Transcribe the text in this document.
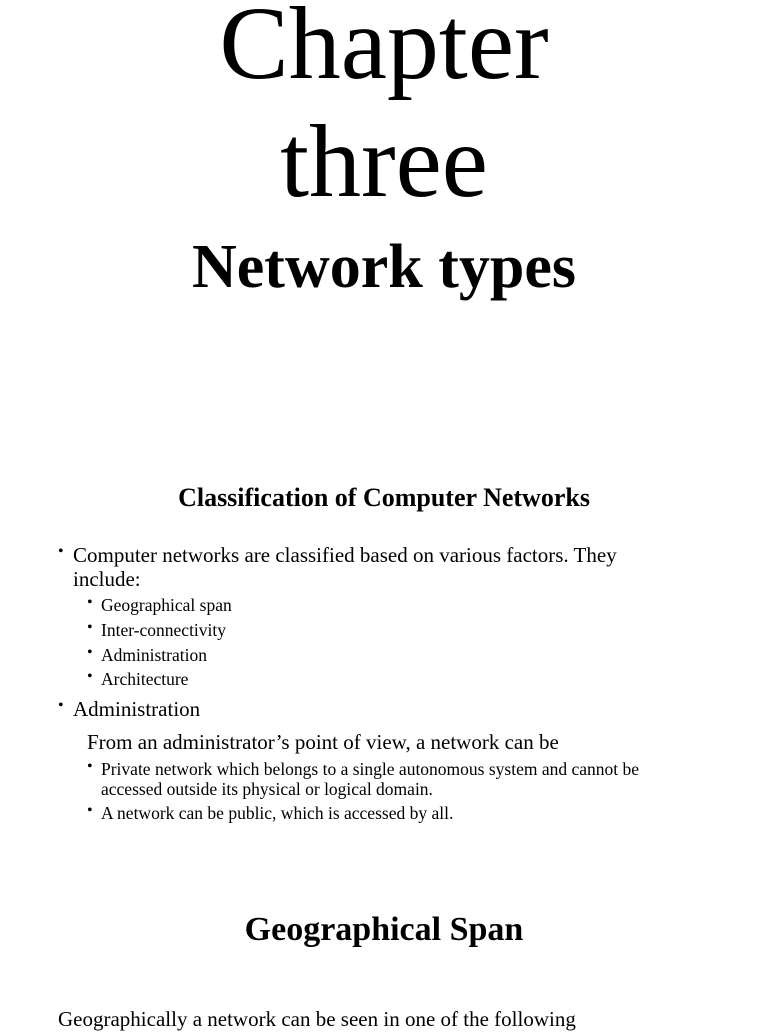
Chapter
three
Network types
Classification of Computer Networks
• Computer networks are classified based on various factors. They
include:
• Geographical span
• Inter-connectivity
• Administration
• Architecture
• Administration
From an administrator’s point of view, a network can be
• Private network which belongs to a single autonomous system and cannot be
accessed outside its physical or logical domain.
• A network can be public, which is accessed by all.
Geographical Span
Geographically a network can be seen in one of the following
